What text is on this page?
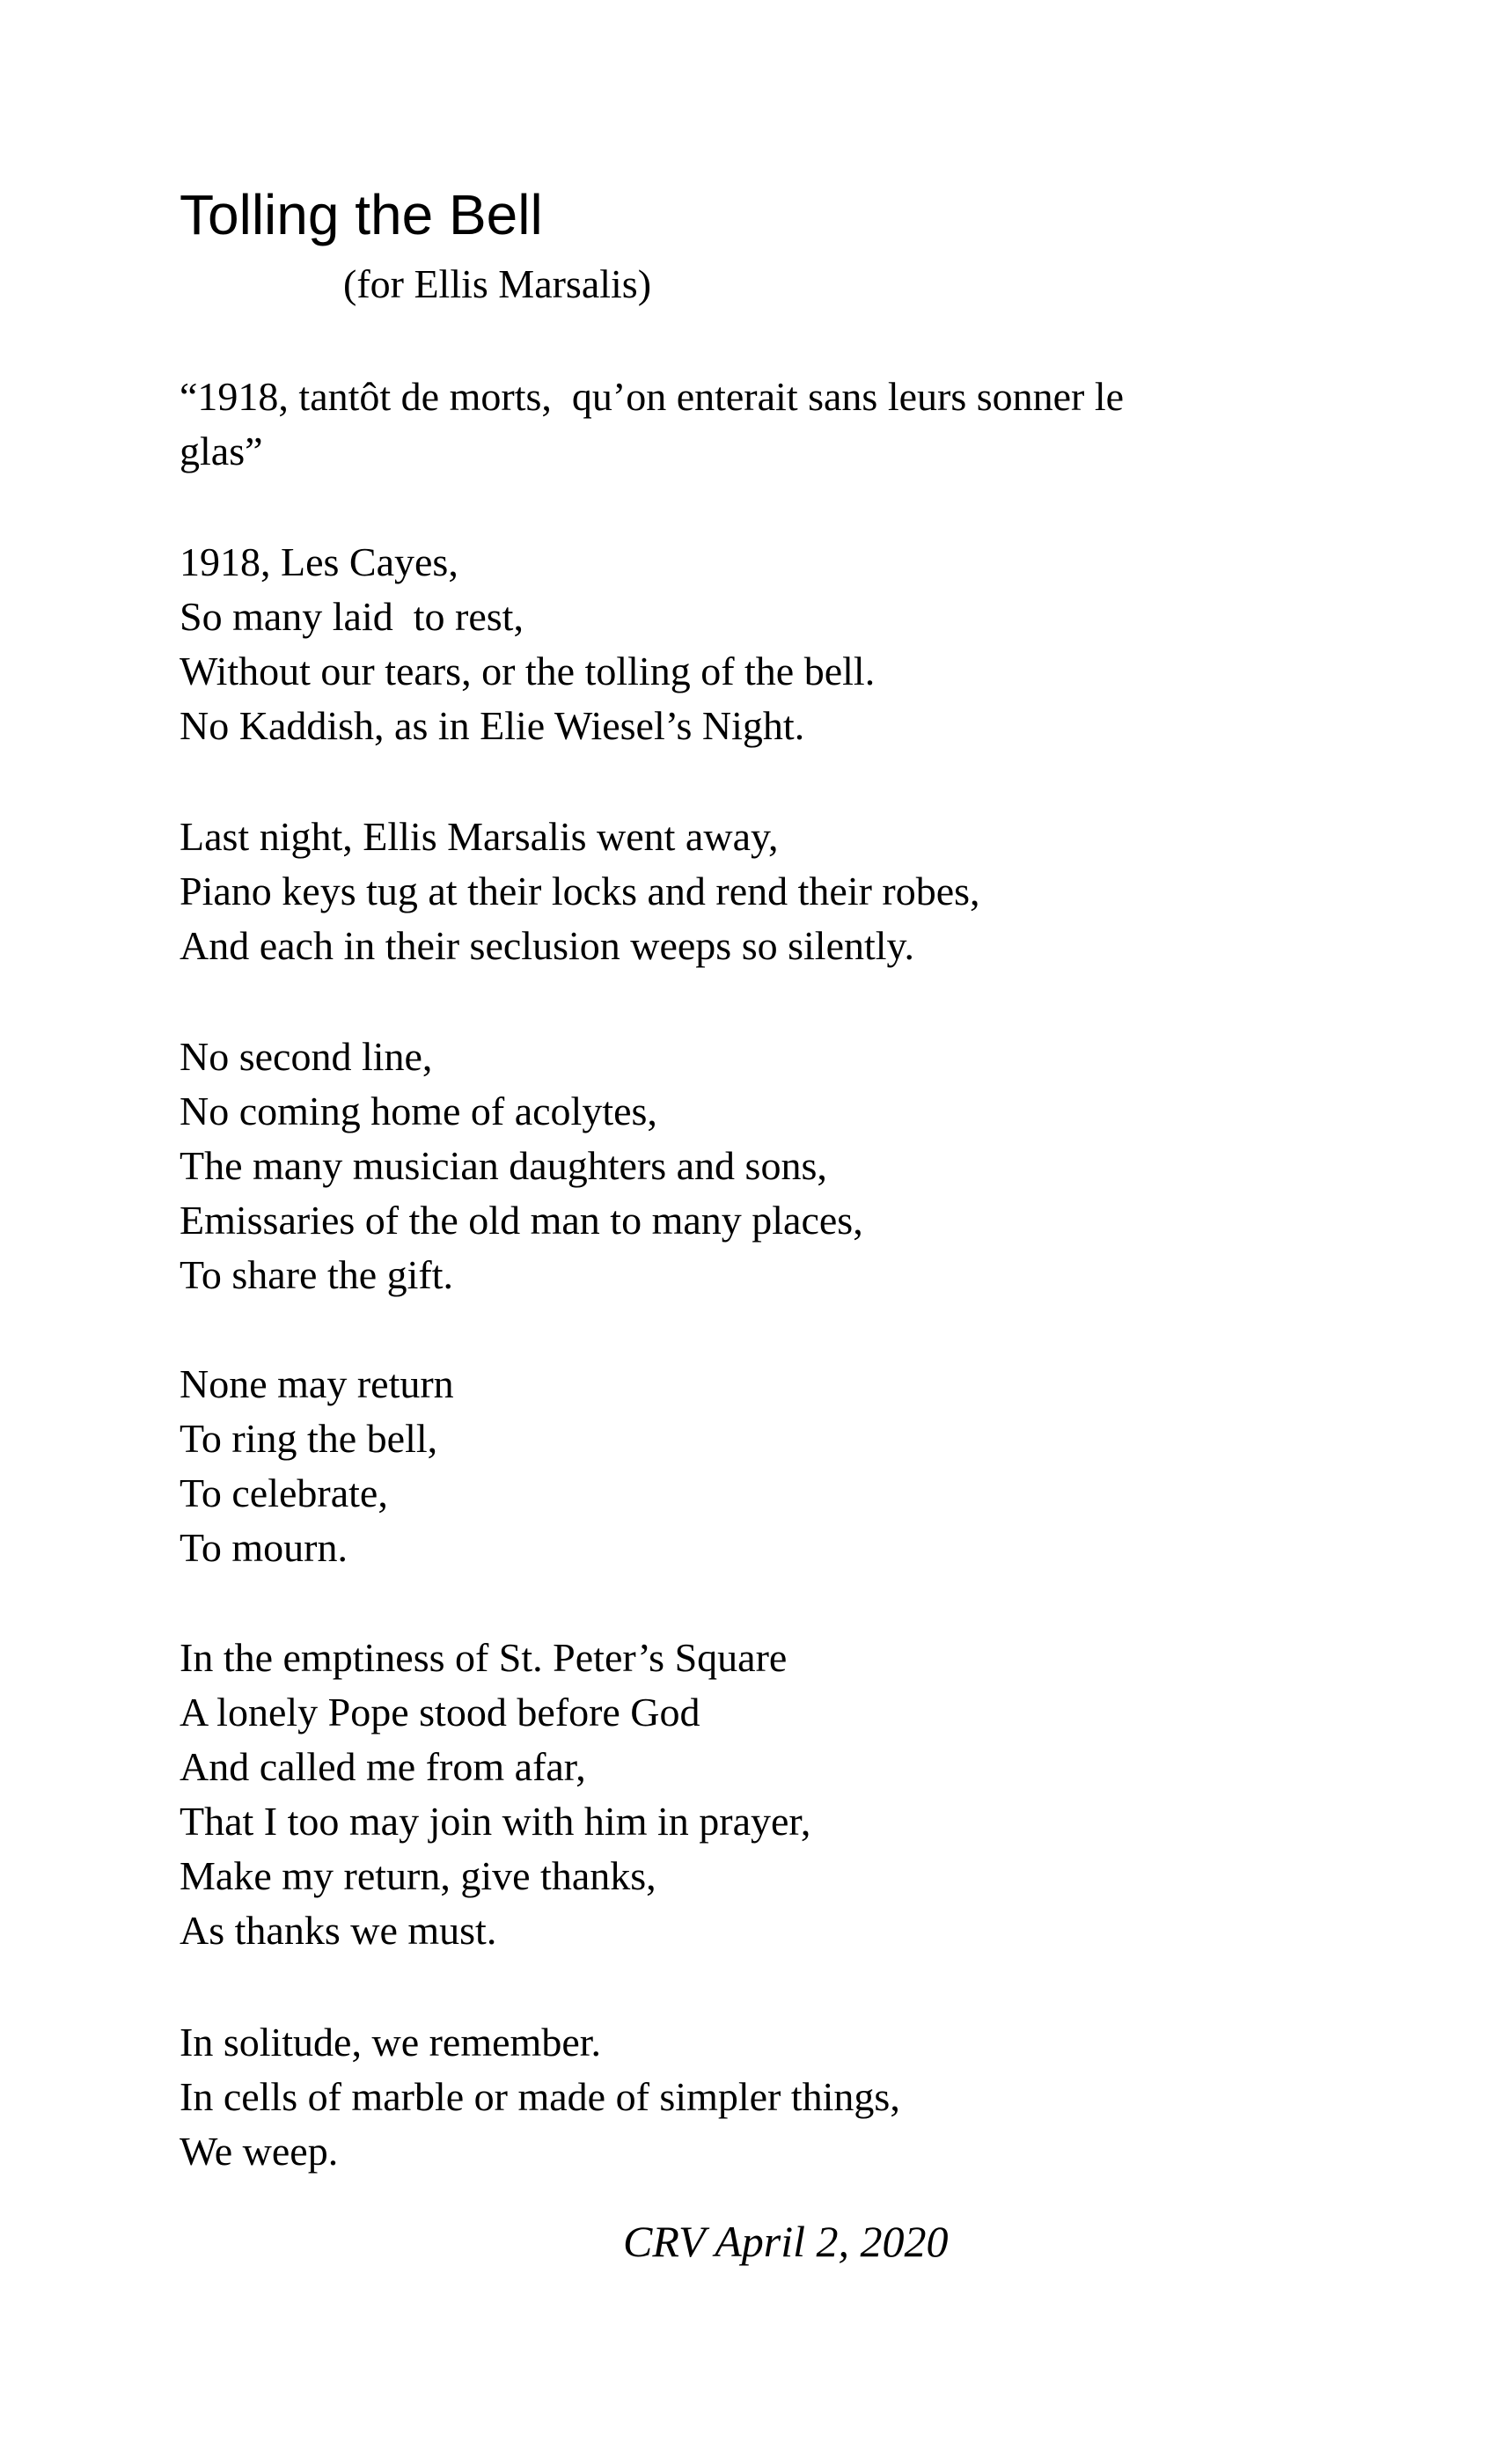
Tolling the Bell

(for Ellis Marsalis)

“1918, tantôt de morts,  qu’on enterait sans leurs sonner le
glas”
1918, Les Cayes,
So many laid  to rest,
Without our tears, or the tolling of the bell.
No Kaddish, as in Elie Wiesel’s Night.
Last night, Ellis Marsalis went away,
Piano keys tug at their locks and rend their robes,
And each in their seclusion weeps so silently.
No second line,
No coming home of acolytes,
The many musician daughters and sons,
Emissaries of the old man to many places,
To share the gift.
None may return
To ring the bell,
To celebrate,
To mourn.
In the emptiness of St. Peter’s Square
A lonely Pope stood before God
And called me from afar,
That I too may join with him in prayer,
Make my return, give thanks,
As thanks we must.
In solitude, we remember.
In cells of marble or made of simpler things,
We weep.

CRV April 2, 2020
